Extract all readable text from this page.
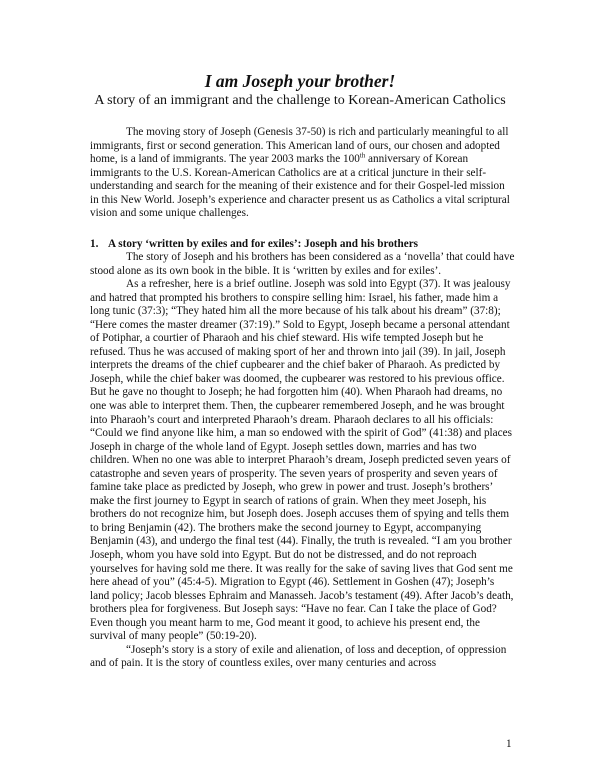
I am Joseph your brother!

A story of an immigrant and the challenge to Korean-American Catholics

The moving story of Joseph (Genesis 37-50) is rich and particularly meaningful to all immigrants, first or second generation. This American land of ours, our chosen and adopted home, is a land of immigrants. The year 2003 marks the 100th anniversary of Korean immigrants to the U.S. Korean-American Catholics are at a critical juncture in their self-understanding and search for the meaning of their existence and for their Gospel-led mission in this New World. Joseph’s experience and character present us as Catholics a vital scriptural vision and some unique challenges.

1. A story ‘written by exiles and for exiles’: Joseph and his brothers

The story of Joseph and his brothers has been considered as a ‘novella’ that could have stood alone as its own book in the bible. It is ‘written by exiles and for exiles’.

As a refresher, here is a brief outline. Joseph was sold into Egypt (37). It was jealousy and hatred that prompted his brothers to conspire selling him: Israel, his father, made him a long tunic (37:3); “They hated him all the more because of his talk about his dream” (37:8); “Here comes the master dreamer (37:19).” Sold to Egypt, Joseph became a personal attendant of Potiphar, a courtier of Pharaoh and his chief steward. His wife tempted Joseph but he refused. Thus he was accused of making sport of her and thrown into jail (39). In jail, Joseph interprets the dreams of the chief cupbearer and the chief baker of Pharaoh. As predicted by Joseph, while the chief baker was doomed, the cupbearer was restored to his previous office. But he gave no thought to Joseph; he had forgotten him (40). When Pharaoh had dreams, no one was able to interpret them. Then, the cupbearer remembered Joseph, and he was brought into Pharaoh’s court and interpreted Pharaoh’s dream. Pharaoh declares to all his officials: “Could we find anyone like him, a man so endowed with the spirit of God” (41:38) and places Joseph in charge of the whole land of Egypt. Joseph settles down, marries and has two children. When no one was able to interpret Pharaoh’s dream, Joseph predicted seven years of catastrophe and seven years of prosperity. The seven years of prosperity and seven years of famine take place as predicted by Joseph, who grew in power and trust. Joseph’s brothers’ make the first journey to Egypt in search of rations of grain. When they meet Joseph, his brothers do not recognize him, but Joseph does. Joseph accuses them of spying and tells them to bring Benjamin (42). The brothers make the second journey to Egypt, accompanying Benjamin (43), and undergo the final test (44). Finally, the truth is revealed. “I am you brother Joseph, whom you have sold into Egypt. But do not be distressed, and do not reproach yourselves for having sold me there. It was really for the sake of saving lives that God sent me here ahead of you” (45:4-5). Migration to Egypt (46). Settlement in Goshen (47); Joseph’s land policy; Jacob blesses Ephraim and Manasseh. Jacob’s testament (49). After Jacob’s death, brothers plea for forgiveness. But Joseph says: “Have no fear. Can I take the place of God? Even though you meant harm to me, God meant it good, to achieve his present end, the survival of many people” (50:19-20).

“Joseph’s story is a story of exile and alienation, of loss and deception, of oppression and of pain. It is the story of countless exiles, over many centuries and across

1
